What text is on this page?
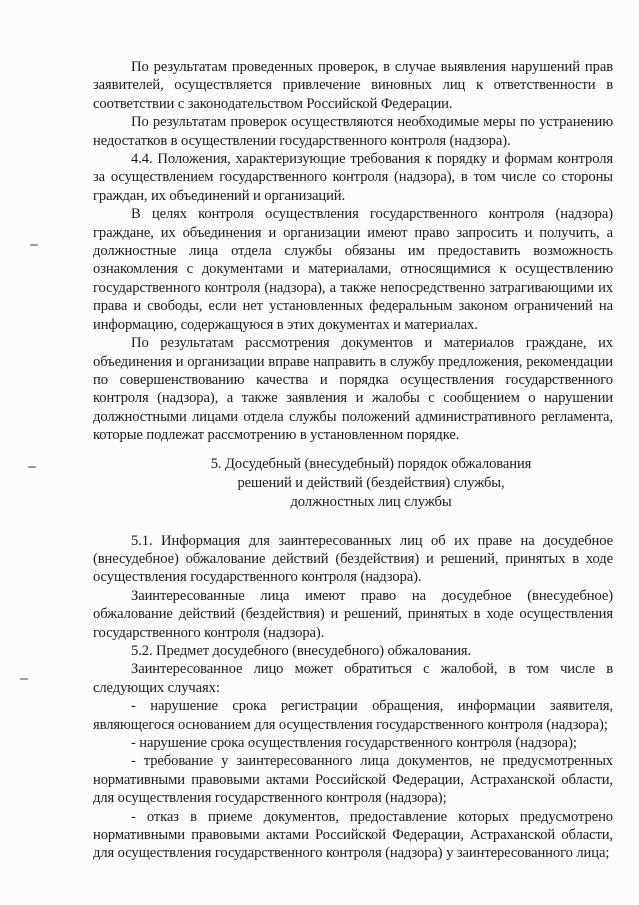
По результатам проведенных проверок, в случае выявления нарушений прав заявителей, осуществляется привлечение виновных лиц к ответственности в соответствии с законодательством Российской Федерации.

По результатам проверок осуществляются необходимые меры по устранению недостатков в осуществлении государственного контроля (надзора).

4.4. Положения, характеризующие требования к порядку и формам контроля за осуществлением государственного контроля (надзора), в том числе со стороны граждан, их объединений и организаций.

В целях контроля осуществления государственного контроля (надзора) граждане, их объединения и организации имеют право запросить и получить, а должностные лица отдела службы обязаны им предоставить возможность ознакомления с документами и материалами, относящимися к осуществлению государственного контроля (надзора), а также непосредственно затрагивающими их права и свободы, если нет установленных федеральным законом ограничений на информацию, содержащуюся в этих документах и материалах.

По результатам рассмотрения документов и материалов граждане, их объединения и организации вправе направить в службу предложения, рекомендации по совершенствованию качества и порядка осуществления государственного контроля (надзора), а также заявления и жалобы с сообщением о нарушении должностными лицами отдела службы положений административного регламента, которые подлежат рассмотрению в установленном порядке.

5. Досудебный (внесудебный) порядок обжалования
решений и действий (бездействия) службы,
должностных лиц службы

5.1. Информация для заинтересованных лиц об их праве на досудебное (внесудебное) обжалование действий (бездействия) и решений, принятых в ходе осуществления государственного контроля (надзора).

Заинтересованные лица имеют право на досудебное (внесудебное) обжалование действий (бездействия) и решений, принятых в ходе осуществления государственного контроля (надзора).

5.2. Предмет досудебного (внесудебного) обжалования.

Заинтересованное лицо может обратиться с жалобой, в том числе в следующих случаях:

- нарушение срока регистрации обращения, информации заявителя, являющегося основанием для осуществления государственного контроля (надзора);

- нарушение срока осуществления государственного контроля (надзора);

- требование у заинтересованного лица документов, не предусмотренных нормативными правовыми актами Российской Федерации, Астраханской области, для осуществления государственного контроля (надзора);

- отказ в приеме документов, предоставление которых предусмотрено нормативными правовыми актами Российской Федерации, Астраханской области, для осуществления государственного контроля (надзора) у заинтересованного лица;
